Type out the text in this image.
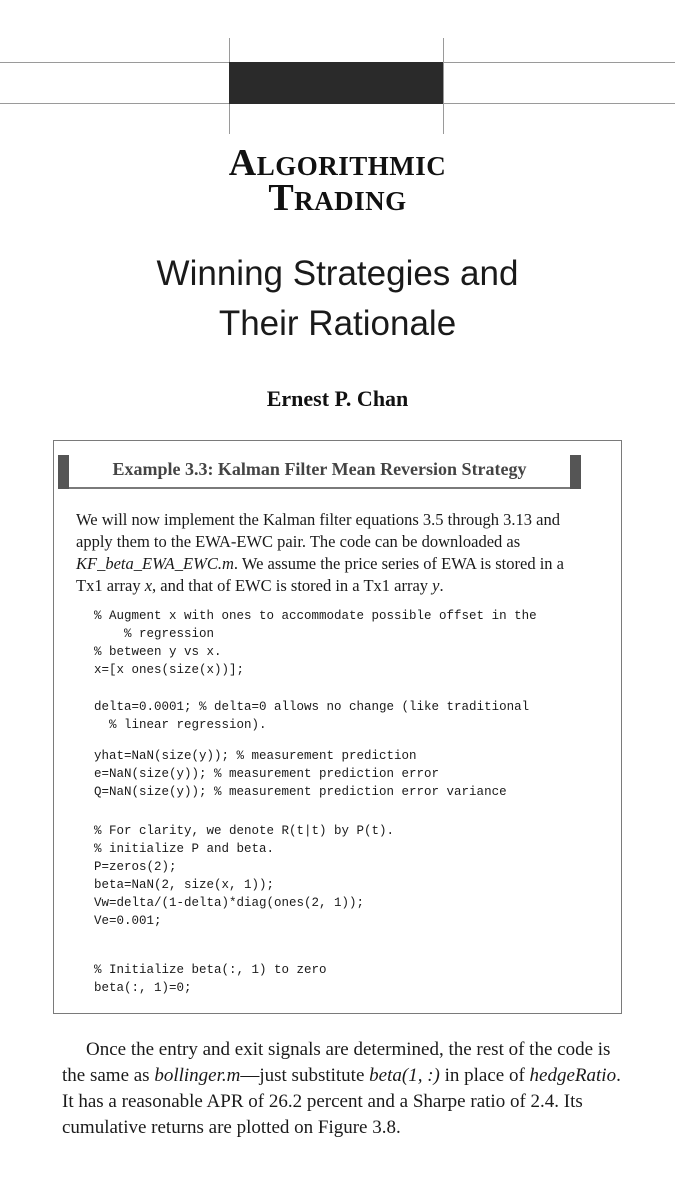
Algorithmic
Trading
Winning Strategies and
Their Rationale
Ernest P. Chan
Example 3.3: Kalman Filter Mean Reversion Strategy

We will now implement the Kalman filter equations 3.5 through 3.13 and apply them to the EWA-EWC pair. The code can be downloaded as KF_beta_EWA_EWC.m. We assume the price series of EWA is stored in a Tx1 array x, and that of EWC is stored in a Tx1 array y.

% Augment x with ones to accommodate possible offset in the
% regression
% between y vs x.
x=[x ones(size(x))];
delta=0.0001; % delta=0 allows no change (like traditional
% linear regression).
yhat=NaN(size(y)); % measurement prediction
e=NaN(size(y)); % measurement prediction error
Q=NaN(size(y)); % measurement prediction error variance
% For clarity, we denote R(t|t) by P(t).
% initialize P and beta.
P=zeros(2);
beta=NaN(2, size(x, 1));
Vw=delta/(1-delta)*diag(ones(2, 1));
Ve=0.001;
% Initialize beta(:, 1) to zero
beta(:, 1)=0;

Once the entry and exit signals are determined, the rest of the code is the same as bollinger.m—just substitute beta(1, :) in place of hedgeRatio. It has a reasonable APR of 26.2 percent and a Sharpe ratio of 2.4. Its cumulative returns are plotted on Figure 3.8.
